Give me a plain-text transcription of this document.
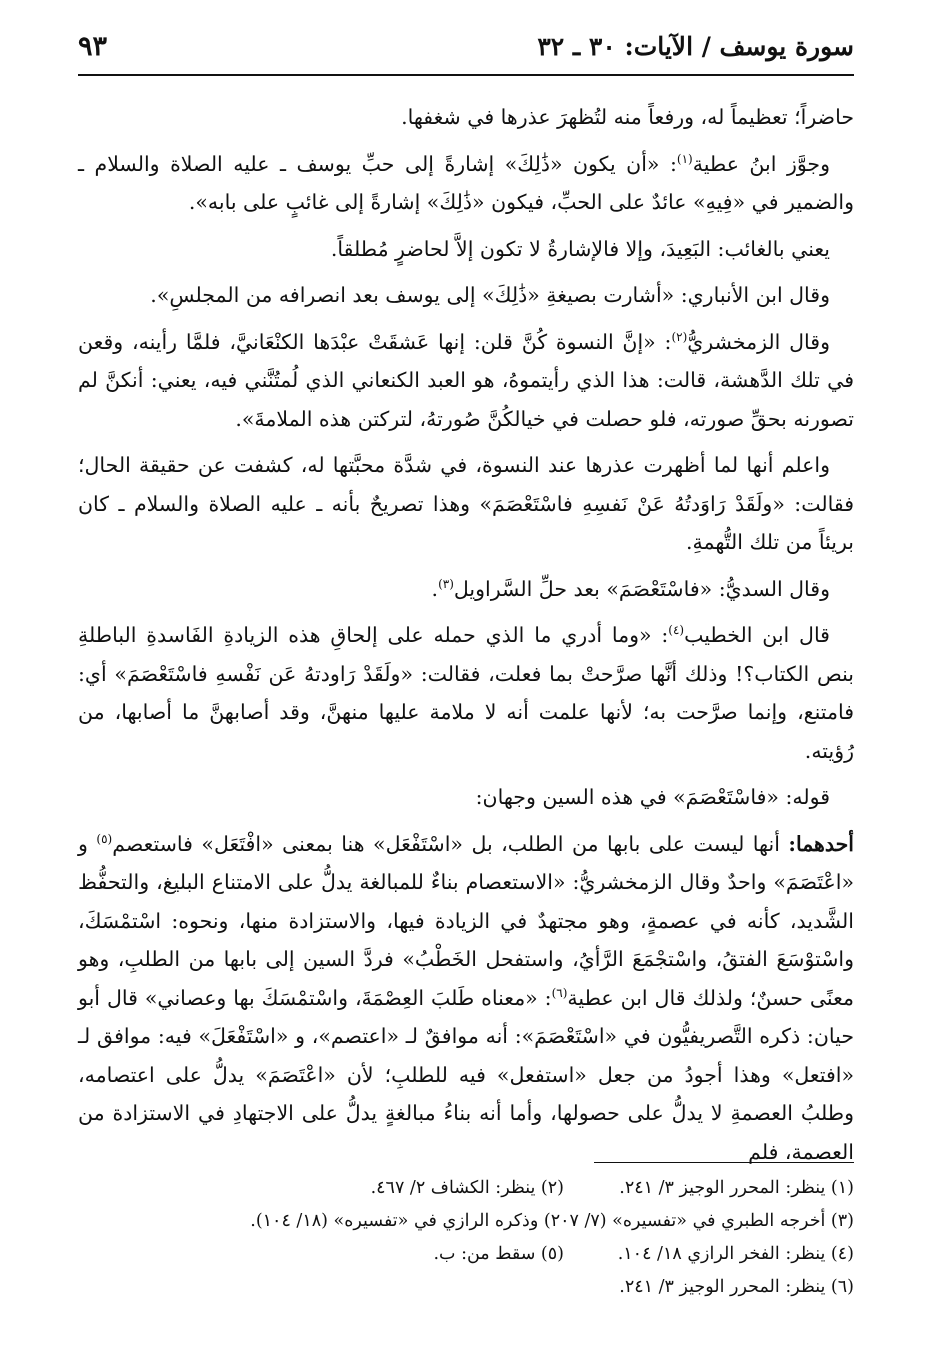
سورة يوسف / الآيات: ٣٠ ـ ٣٢
٩٣

حاضراً؛ تعظيماً له، ورفعاً منه لتُظهرَ عذرها في شغفها.

وجوَّز ابنُ عطية$^{(١)}$: «أن يكون «ذَٰلِكَ» إشارةً إلى حبِّ يوسف ـ عليه الصلاة والسلام ـ والضمير في «فِيهِ» عائدٌ على الحبِّ، فيكون «ذَٰلِكَ» إشارةً إلى غائبٍ على بابه».

يعني بالغائب: البَعِيدَ، وإلا فالإشارةُ لا تكون إلاَّ لحاضرٍ مُطلقاً.

وقال ابن الأنباري: «أشارت بصيغةِ «ذَٰلِكَ» إلى يوسف بعد انصرافه من المجلسِ».

وقال الزمخشريُّ$^{(٢)}$: «إنَّ النسوة كُنَّ قلن: إنها عَشقَتْ عبْدَها الكنْعَانيَّ، فلمَّا رأينه، وقعن في تلك الدَّهشة، قالت: هذا الذي رأيتموهُ، هو العبد الكنعاني الذي لُمتُنَّني فيه، يعني: أنكنَّ لم تصورنه بحقِّ صورته، فلو حصلت في خيالكُنَّ صُورتهُ، لتركتن هذه الملامةَ».

واعلم أنها لما أظهرت عذرها عند النسوة، في شدَّة محبَّتها له، كشفت عن حقيقة الحال؛ فقالت: «ولَقَدْ رَاوَدتُهُ عَنْ نَفسِهِ فاسْتَعْصَمَ» وهذا تصريحٌ بأنه ـ عليه الصلاة والسلام ـ كان بريئاً من تلك التُّهمةِ.

وقال السديُّ: «فاسْتَعْصَمَ» بعد حلِّ السَّراويل$^{(٣)}$.

قال ابن الخطيب$^{(٤)}$: «وما أدري ما الذي حمله على إلحاقِ هذه الزيادةِ الفَاسدةِ الباطلةِ بنص الكتاب؟! وذلك أنَّها صرَّحتْ بما فعلت، فقالت: «ولَقَدْ رَاودتهُ عَن نَفْسهِ فاسْتَعْصَمَ» أي: فامتنع، وإنما صرَّحت به؛ لأنها علمت أنه لا ملامة عليها منهنَّ، وقد أصابهنَّ ما أصابها، من رُؤيته.

قوله: «فاسْتَعْصَمَ» في هذه السين وجهان:

أحدهما: أنها ليست على بابها من الطلب، بل «اسْتَفْعَل» هنا بمعنى «افْتَعَل» فاستعصم$^{(٥)}$ و «اعْتَصَمَ» واحدٌ وقال الزمخشريُّ: «الاستعصام بناءٌ للمبالغة يدلُّ على الامتناع البليغ، والتحفُّظ الشَّديد، كأنه في عصمةٍ، وهو مجتهدٌ في الزيادة فيها، والاستزادة منها، ونحوه: اسْتمْسَكَ، واسْتوْسَعَ الفتقُ، واسْتجْمَعَ الرَّأيُ، واستفحل الخَطْبُ» فردَّ السين إلى بابها من الطلبِ، وهو معنًى حسنٌ؛ ولذلك قال ابن عطية$^{(٦)}$: «معناه طَلبَ العِصْمَةَ، واسْتمْسَكَ بها وعصاني» قال أبو حيان: ذكره التَّصريفيُّون في «اسْتَعْصَمَ»: أنه موافقٌ لـ «اعتصم»، و «اسْتَفْعَلَ» فيه: موافق لـ «افتعل» وهذا أجودُ من جعل «استفعل» فيه للطلبِ؛ لأن «اعْتَصَمَ» يدلُّ على اعتصامه، وطلبُ العصمةِ لا يدلُّ على حصولها، وأما أنه بناءُ مبالغةٍ يدلُّ على الاجتهادِ في الاستزادة من العصمة، فلم

(١) ينظر: المحرر الوجيز ٣/ ٢٤١.
(٢) ينظر: الكشاف ٢/ ٤٦٧.
(٣) أخرجه الطبري في «تفسيره» (٧/ ٢٠٧) وذكره الرازي في «تفسيره» (١٨/ ١٠٤).
(٤) ينظر: الفخر الرازي ١٨/ ١٠٤.
(٥) سقط من: ب.
(٦) ينظر: المحرر الوجيز ٣/ ٢٤١.
